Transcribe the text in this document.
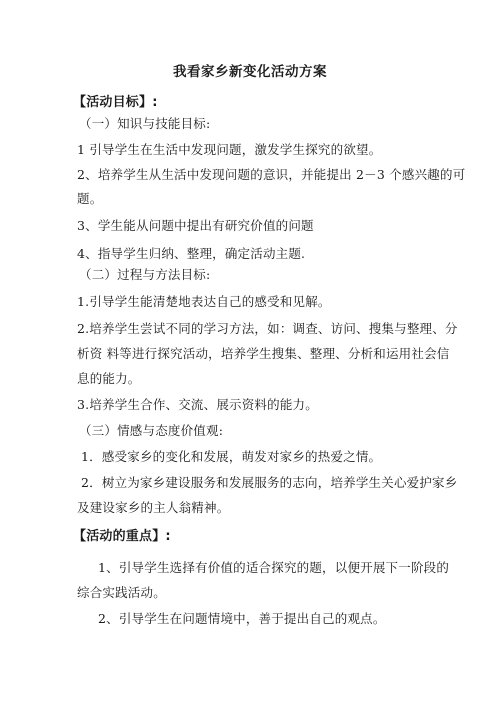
我看家乡新变化活动方案
【活动目标】:
（一）知识与技能目标:
1 引导学生在生活中发现问题，激发学生探究的欲望。
2、培养学生从生活中发现问题的意识，并能提出 2－3 个感兴趣的可
题。
3、学生能从问题中提出有研究价值的问题
4、指导学生归纳、整理，确定活动主题.
（二）过程与方法目标:
1.引导学生能清楚地表达自己的感受和见解。
2.培养学生尝试不同的学习方法，如：调查、访问、搜集与整理、分
析资 料等进行探究活动，培养学生搜集、整理、分析和运用社会信
息的能力。
3.培养学生合作、交流、展示资料的能力。
（三）情感与态度价值观:
1．感受家乡的变化和发展，萌发对家乡的热爱之情。
2．树立为家乡建设服务和发展服务的志向，培养学生关心爱护家乡
及建设家乡的主人翁精神。
【活动的重点】:
1、引导学生选择有价值的适合探究的题，以便开展下一阶段的
综合实践活动。
2、引导学生在问题情境中，善于提出自己的观点。
